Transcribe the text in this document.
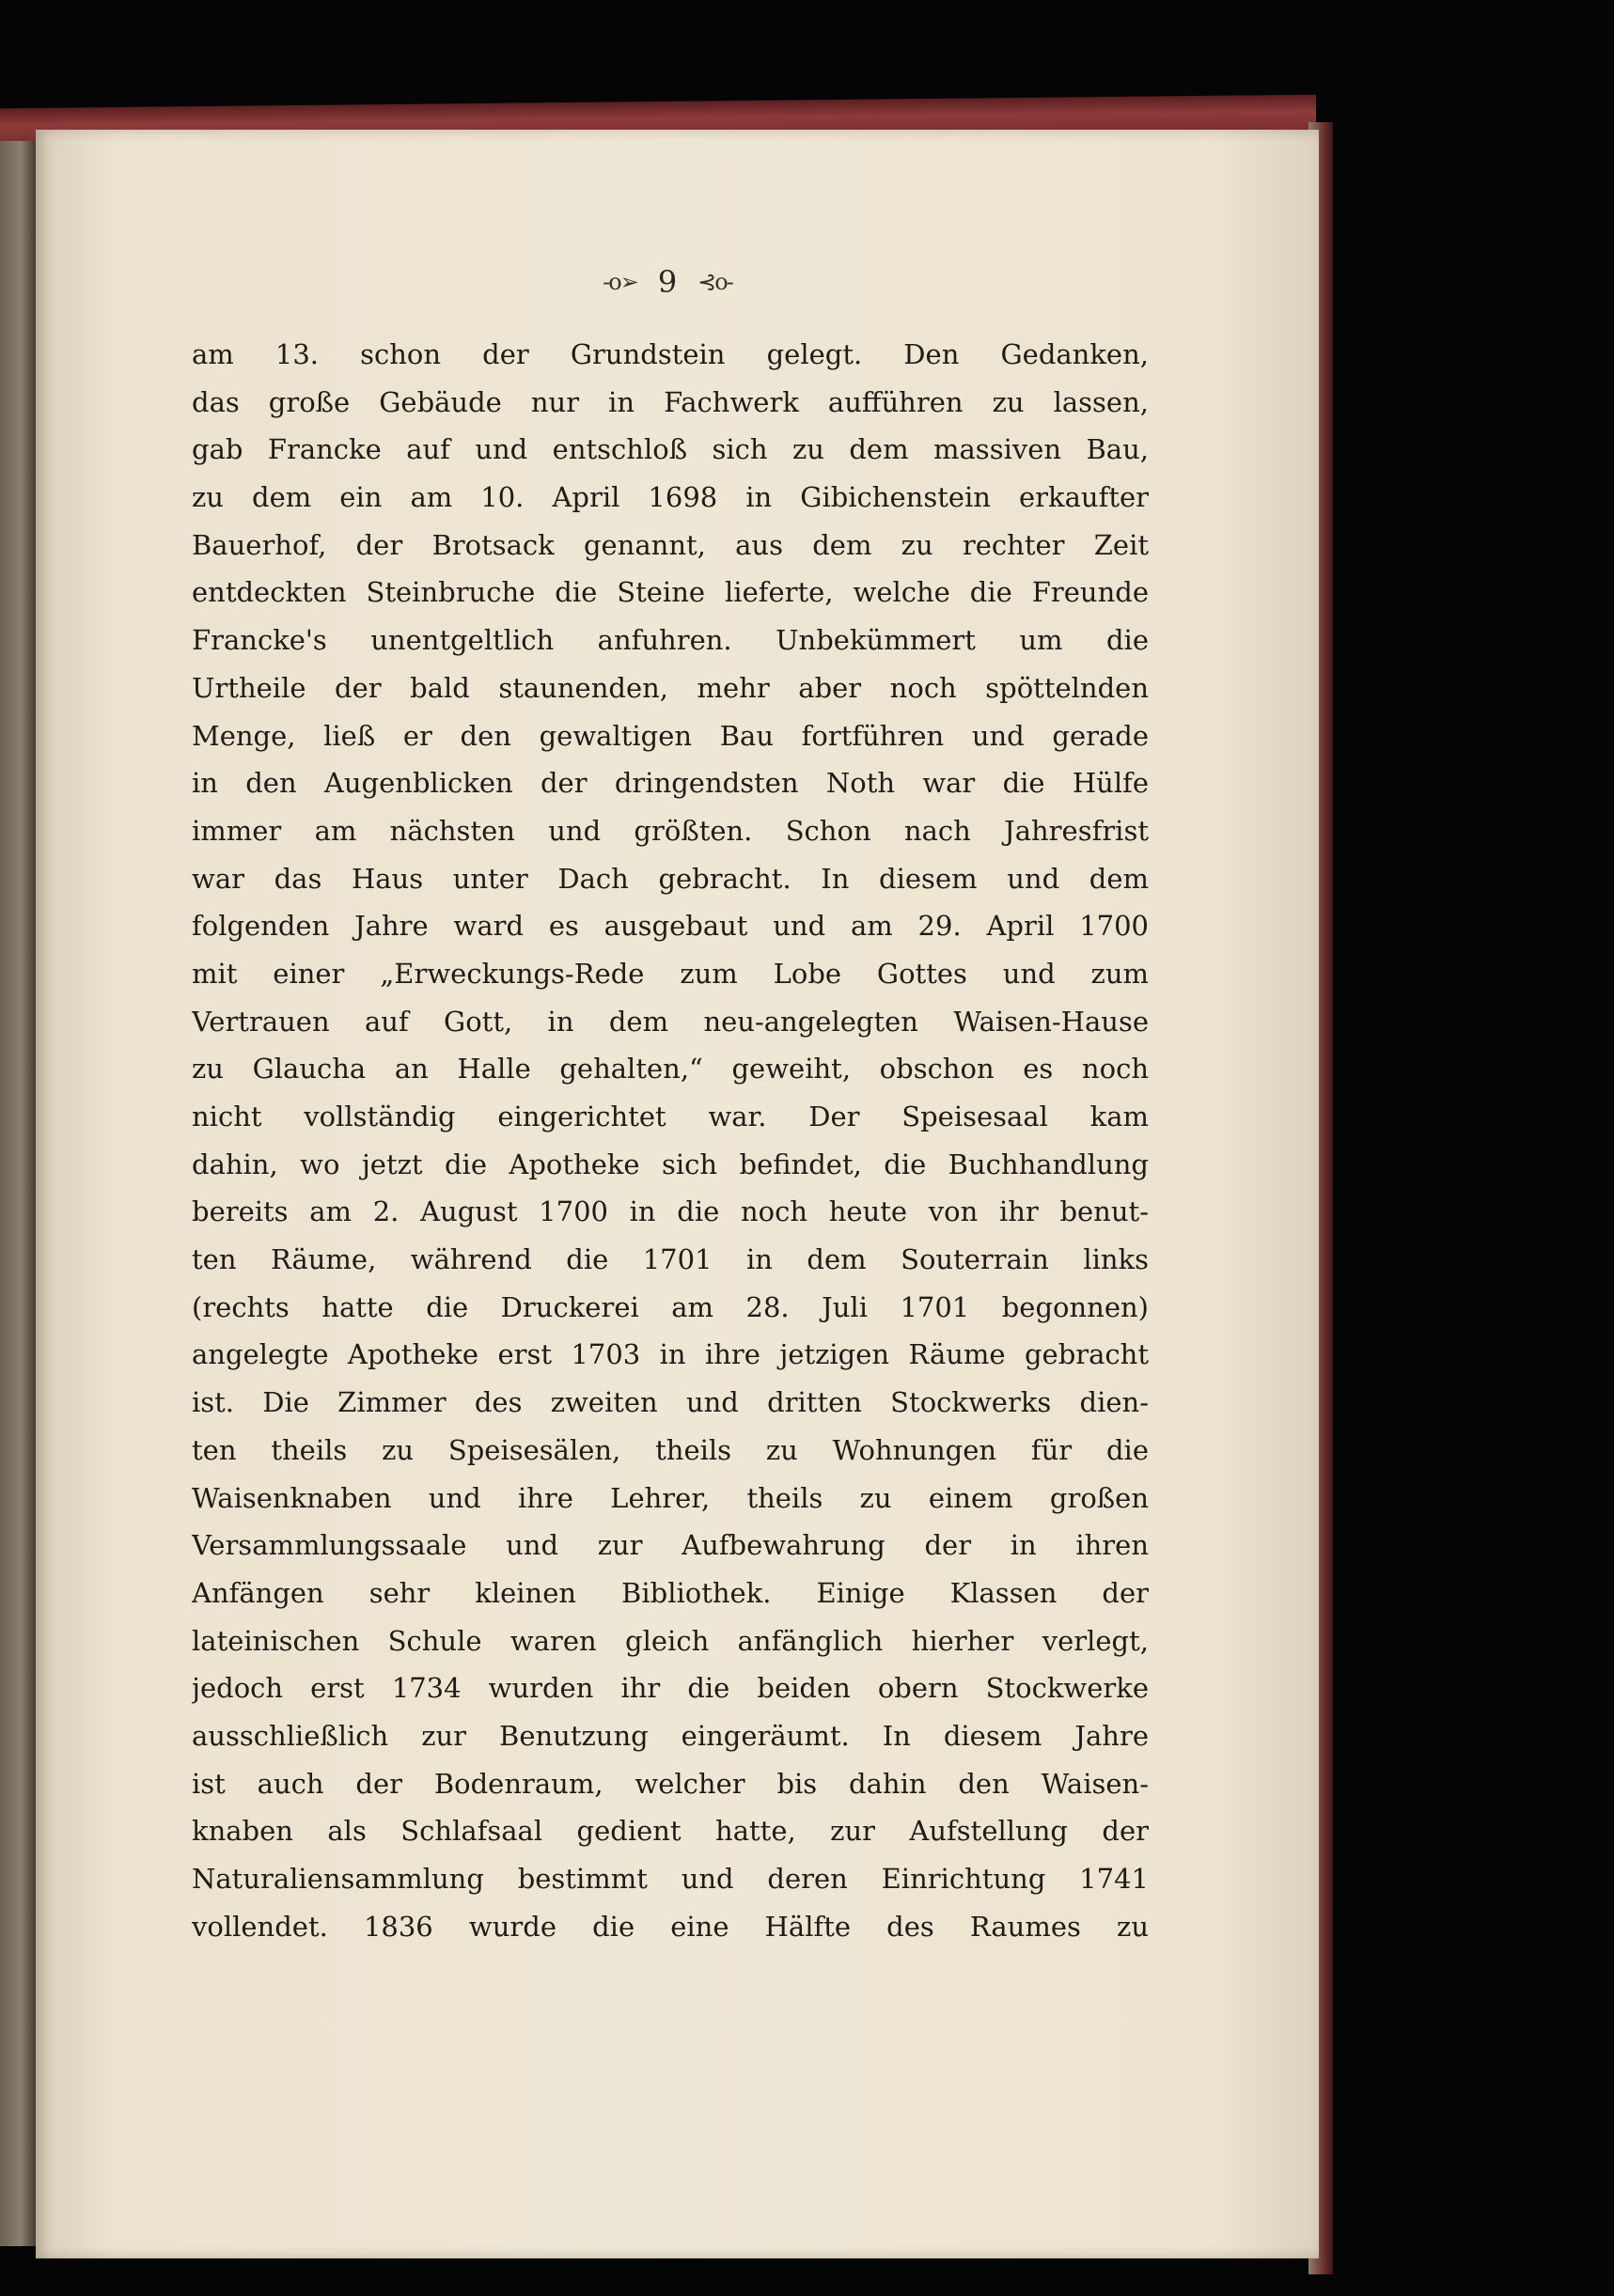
-o➢ 9 ⊰o-
am 13. schon der Grundstein gelegt. Den Gedanken,
das große Gebäude nur in Fachwerk aufführen zu lassen,
gab Francke auf und entschloß sich zu dem massiven Bau,
zu dem ein am 10. April 1698 in Gibichenstein erkaufter
Bauerhof, der Brotsack genannt, aus dem zu rechter Zeit
entdeckten Steinbruche die Steine lieferte, welche die Freunde
Francke's unentgeltlich anfuhren. Unbekümmert um die
Urtheile der bald staunenden, mehr aber noch spöttelnden
Menge, ließ er den gewaltigen Bau fortführen und gerade
in den Augenblicken der dringendsten Noth war die Hülfe
immer am nächsten und größten. Schon nach Jahresfrist
war das Haus unter Dach gebracht. In diesem und dem
folgenden Jahre ward es ausgebaut und am 29. April 1700
mit einer „Erweckungs-Rede zum Lobe Gottes und zum
Vertrauen auf Gott, in dem neu-angelegten Waisen-Hause
zu Glaucha an Halle gehalten,“ geweiht, obschon es noch
nicht vollständig eingerichtet war. Der Speisesaal kam
dahin, wo jetzt die Apotheke sich befindet, die Buchhandlung
bereits am 2. August 1700 in die noch heute von ihr benut-
ten Räume, während die 1701 in dem Souterrain links
(rechts hatte die Druckerei am 28. Juli 1701 begonnen)
angelegte Apotheke erst 1703 in ihre jetzigen Räume gebracht
ist. Die Zimmer des zweiten und dritten Stockwerks dien-
ten theils zu Speisesälen, theils zu Wohnungen für die
Waisenknaben und ihre Lehrer, theils zu einem großen
Versammlungssaale und zur Aufbewahrung der in ihren
Anfängen sehr kleinen Bibliothek. Einige Klassen der
lateinischen Schule waren gleich anfänglich hierher verlegt,
jedoch erst 1734 wurden ihr die beiden obern Stockwerke
ausschließlich zur Benutzung eingeräumt. In diesem Jahre
ist auch der Bodenraum, welcher bis dahin den Waisen-
knaben als Schlafsaal gedient hatte, zur Aufstellung der
Naturaliensammlung bestimmt und deren Einrichtung 1741
vollendet. 1836 wurde die eine Hälfte des Raumes zu
